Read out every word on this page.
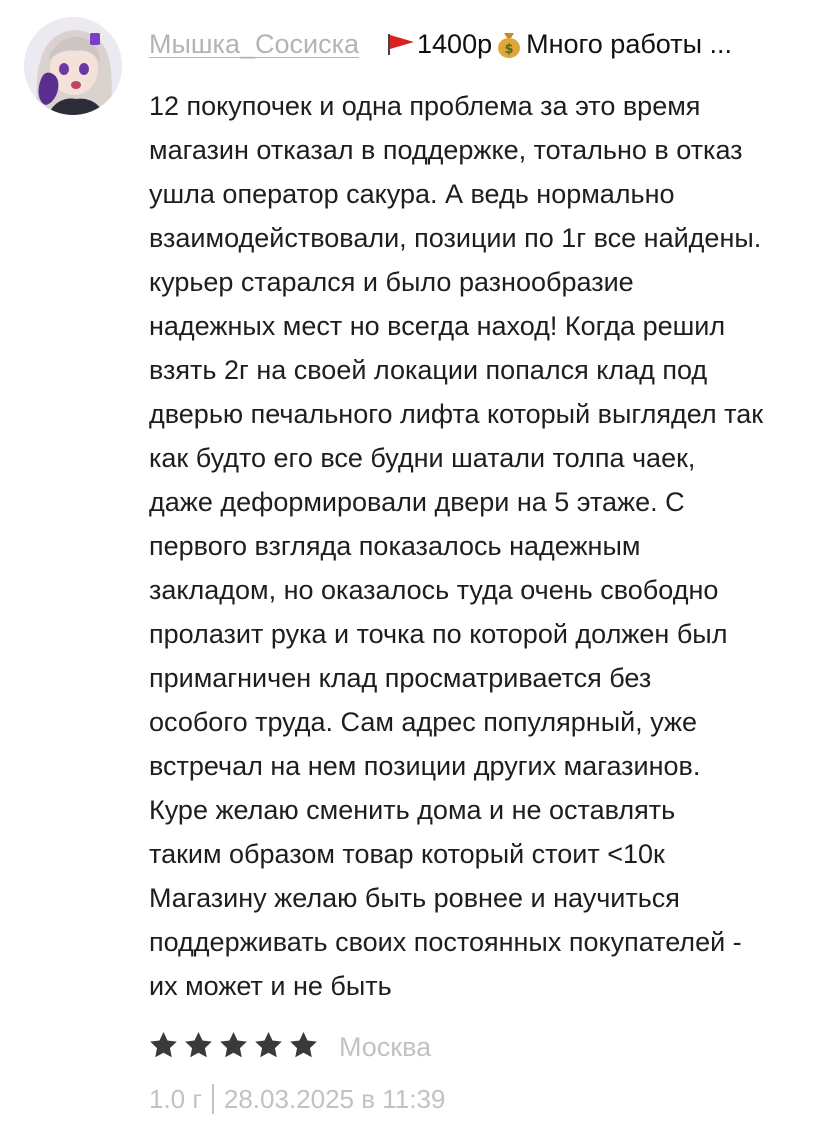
Мышка_Сосиска 1400р $ Много работы ...

12 покупочек и одна проблема за это время
магазин отказал в поддержке, тотально в отказ
ушла оператор сакура. А ведь нормально
взаимодействовали, позиции по 1г все найдены.
курьер старался и было разнообразие
надежных мест но всегда наход! Когда решил
взять 2г на своей локации попался клад под
дверью печального лифта который выглядел так
как будто его все будни шатали толпа чаек,
даже деформировали двери на 5 этаже. С
первого взгляда показалось надежным
закладом, но оказалось туда очень свободно
пролазит рука и точка по которой должен был
примагничен клад просматривается без
особого труда. Сам адрес популярный, уже
встречал на нем позиции других магазинов.
Куре желаю сменить дома и не оставлять
таким образом товар который стоит <10к
Магазину желаю быть ровнее и научиться
поддерживать своих постоянных покупателей -
их может и не быть

Москва
1.0 г 28.03.2025 в 11:39
